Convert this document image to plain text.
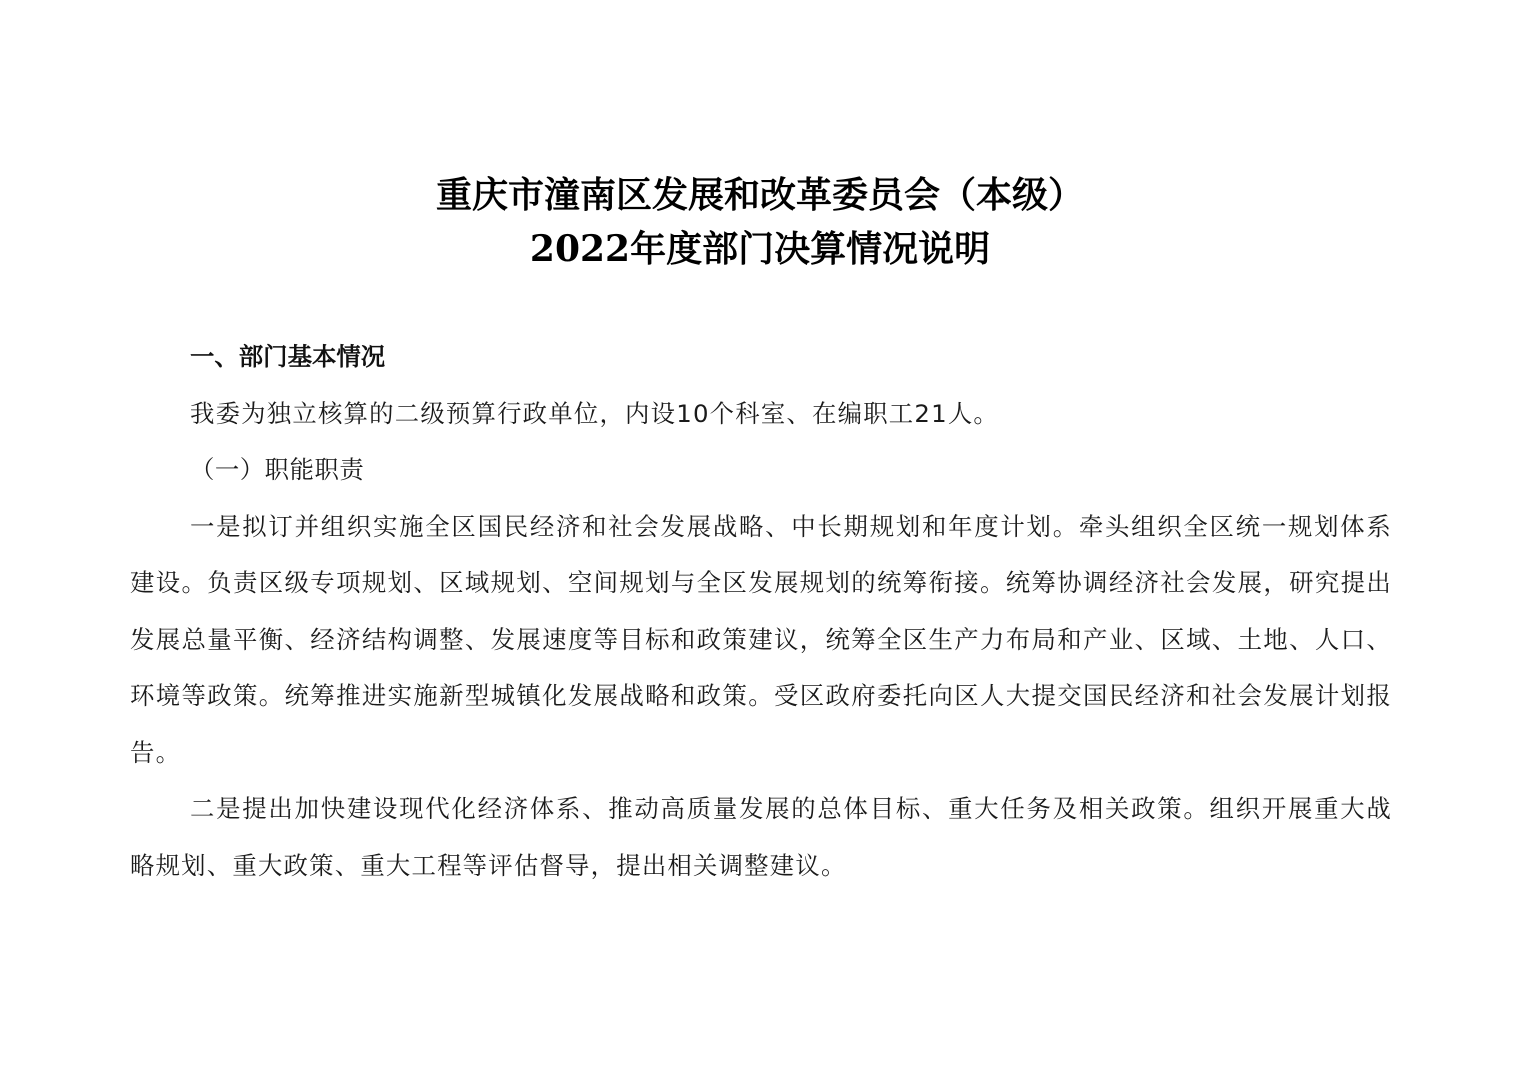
重庆市潼南区发展和改革委员会（本级）
2022年度部门决算情况说明

一、部门基本情况

我委为独立核算的二级预算行政单位，内设10个科室、在编职工21人。

（一）职能职责

一是拟订并组织实施全区国民经济和社会发展战略、中长期规划和年度计划。牵头组织全区统一规划体系建设。负责区级专项规划、区域规划、空间规划与全区发展规划的统筹衔接。统筹协调经济社会发展，研究提出发展总量平衡、经济结构调整、发展速度等目标和政策建议，统筹全区生产力布局和产业、区域、土地、人口、环境等政策。统筹推进实施新型城镇化发展战略和政策。受区政府委托向区人大提交国民经济和社会发展计划报告。

二是提出加快建设现代化经济体系、推动高质量发展的总体目标、重大任务及相关政策。组织开展重大战略规划、重大政策、重大工程等评估督导，提出相关调整建议。
